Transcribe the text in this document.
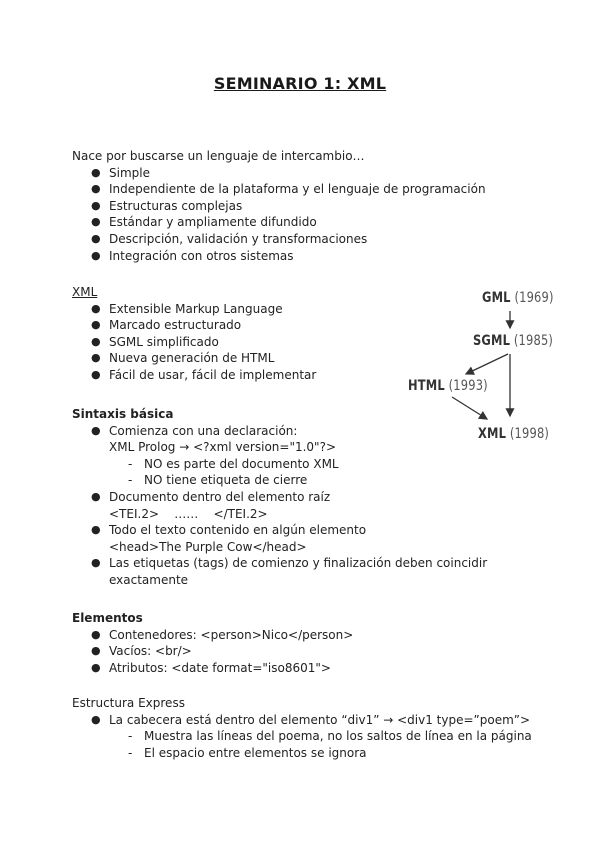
SEMINARIO 1: XML

Nace por buscarse un lenguaje de intercambio…

● Simple
● Independiente de la plataforma y el lenguaje de programación
● Estructuras complejas
● Estándar y ampliamente difundido
● Descripción, validación y transformaciones
● Integración con otros sistemas

XML

● Extensible Markup Language
● Marcado estructurado
● SGML simplificado
● Nueva generación de HTML
● Fácil de usar, fácil de implementar

Sintaxis básica

● Comienza con una declaración:
XML Prolog → <?xml version="1.0"?>
- NO es parte del documento XML
- NO tiene etiqueta de cierre
● Documento dentro del elemento raíz
<TEI.2>    ……    </TEI.2>
● Todo el texto contenido en algún elemento
<head>The Purple Cow</head>
● Las etiquetas (tags) de comienzo y finalización deben coincidir
exactamente

Elementos

● Contenedores: <person>Nico</person>
● Vacíos: <br/>
● Atributos: <date format="iso8601">

Estructura Express

● La cabecera está dentro del elemento “div1” → <div1 type=”poem”>
- Muestra las líneas del poema, no los saltos de línea en la página
- El espacio entre elementos se ignora
GML (1969)
SGML (1985)
HTML (1993)
XML (1998)
